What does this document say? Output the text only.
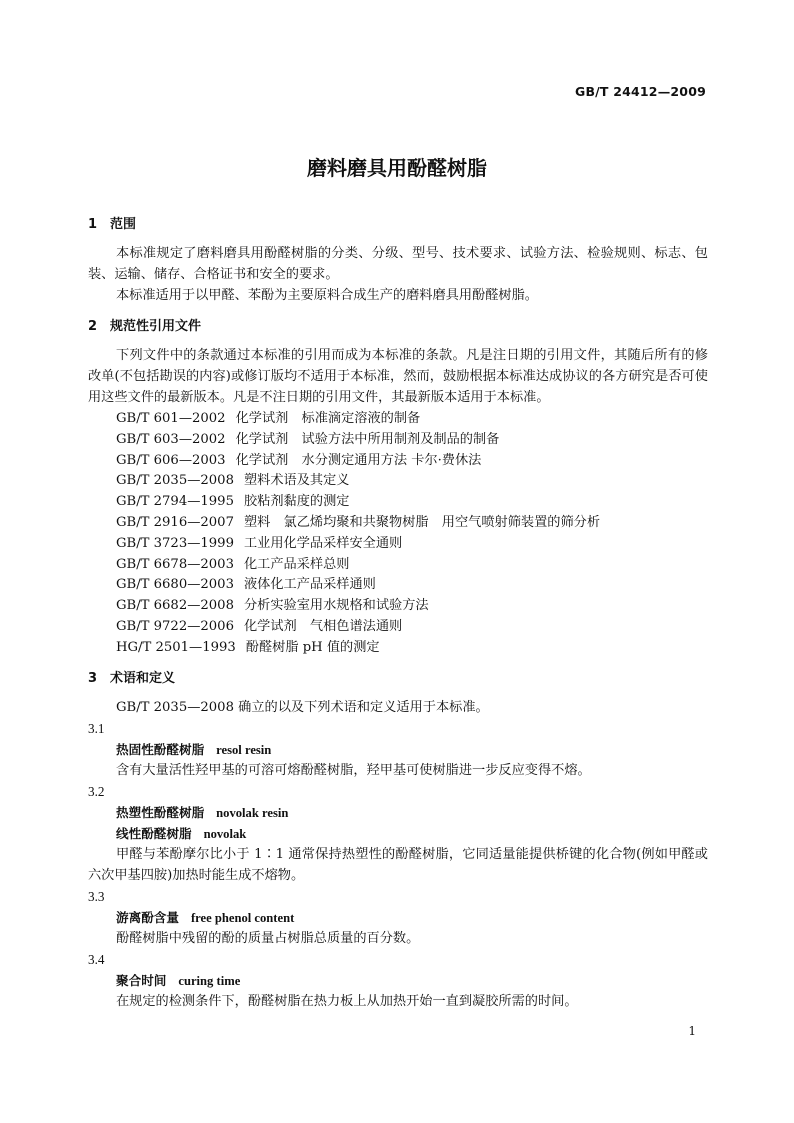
GB/T 24412—2009
磨料磨具用酚醛树脂
1 范围

本标准规定了磨料磨具用酚醛树脂的分类、分级、型号、技术要求、试验方法、检验规则、标志、包装、运输、储存、合格证书和安全的要求。

本标准适用于以甲醛、苯酚为主要原料合成生产的磨料磨具用酚醛树脂。

2 规范性引用文件

下列文件中的条款通过本标准的引用而成为本标准的条款。凡是注日期的引用文件，其随后所有的修改单(不包括勘误的内容)或修订版均不适用于本标准，然而，鼓励根据本标准达成协议的各方研究是否可使用这些文件的最新版本。凡是不注日期的引用文件，其最新版本适用于本标准。

GB/T 601—2002 化学试剂　标准滴定溶液的制备
GB/T 603—2002 化学试剂　试验方法中所用制剂及制品的制备
GB/T 606—2003 化学试剂　水分测定通用方法 卡尔·费休法
GB/T 2035—2008 塑料术语及其定义
GB/T 2794—1995 胶粘剂黏度的测定
GB/T 2916—2007 塑料　氯乙烯均聚和共聚物树脂　用空气喷射筛装置的筛分析
GB/T 3723—1999 工业用化学品采样安全通则
GB/T 6678—2003 化工产品采样总则
GB/T 6680—2003 液体化工产品采样通则
GB/T 6682—2008 分析实验室用水规格和试验方法
GB/T 9722—2006 化学试剂　气相色谱法通则
HG/T 2501—1993 酚醛树脂 pH 值的测定
3 术语和定义

GB/T 2035—2008 确立的以及下列术语和定义适用于本标准。

3.1
热固性酚醛树脂 resol resin

含有大量活性羟甲基的可溶可熔酚醛树脂，羟甲基可使树脂进一步反应变得不熔。

3.2
热塑性酚醛树脂 novolak resin
线性酚醛树脂 novolak

甲醛与苯酚摩尔比小于 1∶1 通常保持热塑性的酚醛树脂，它同适量能提供桥键的化合物(例如甲醛或六次甲基四胺)加热时能生成不熔物。

3.3
游离酚含量 free phenol content

酚醛树脂中残留的酚的质量占树脂总质量的百分数。

3.4
聚合时间 curing time

在规定的检测条件下，酚醛树脂在热力板上从加热开始一直到凝胶所需的时间。

1
